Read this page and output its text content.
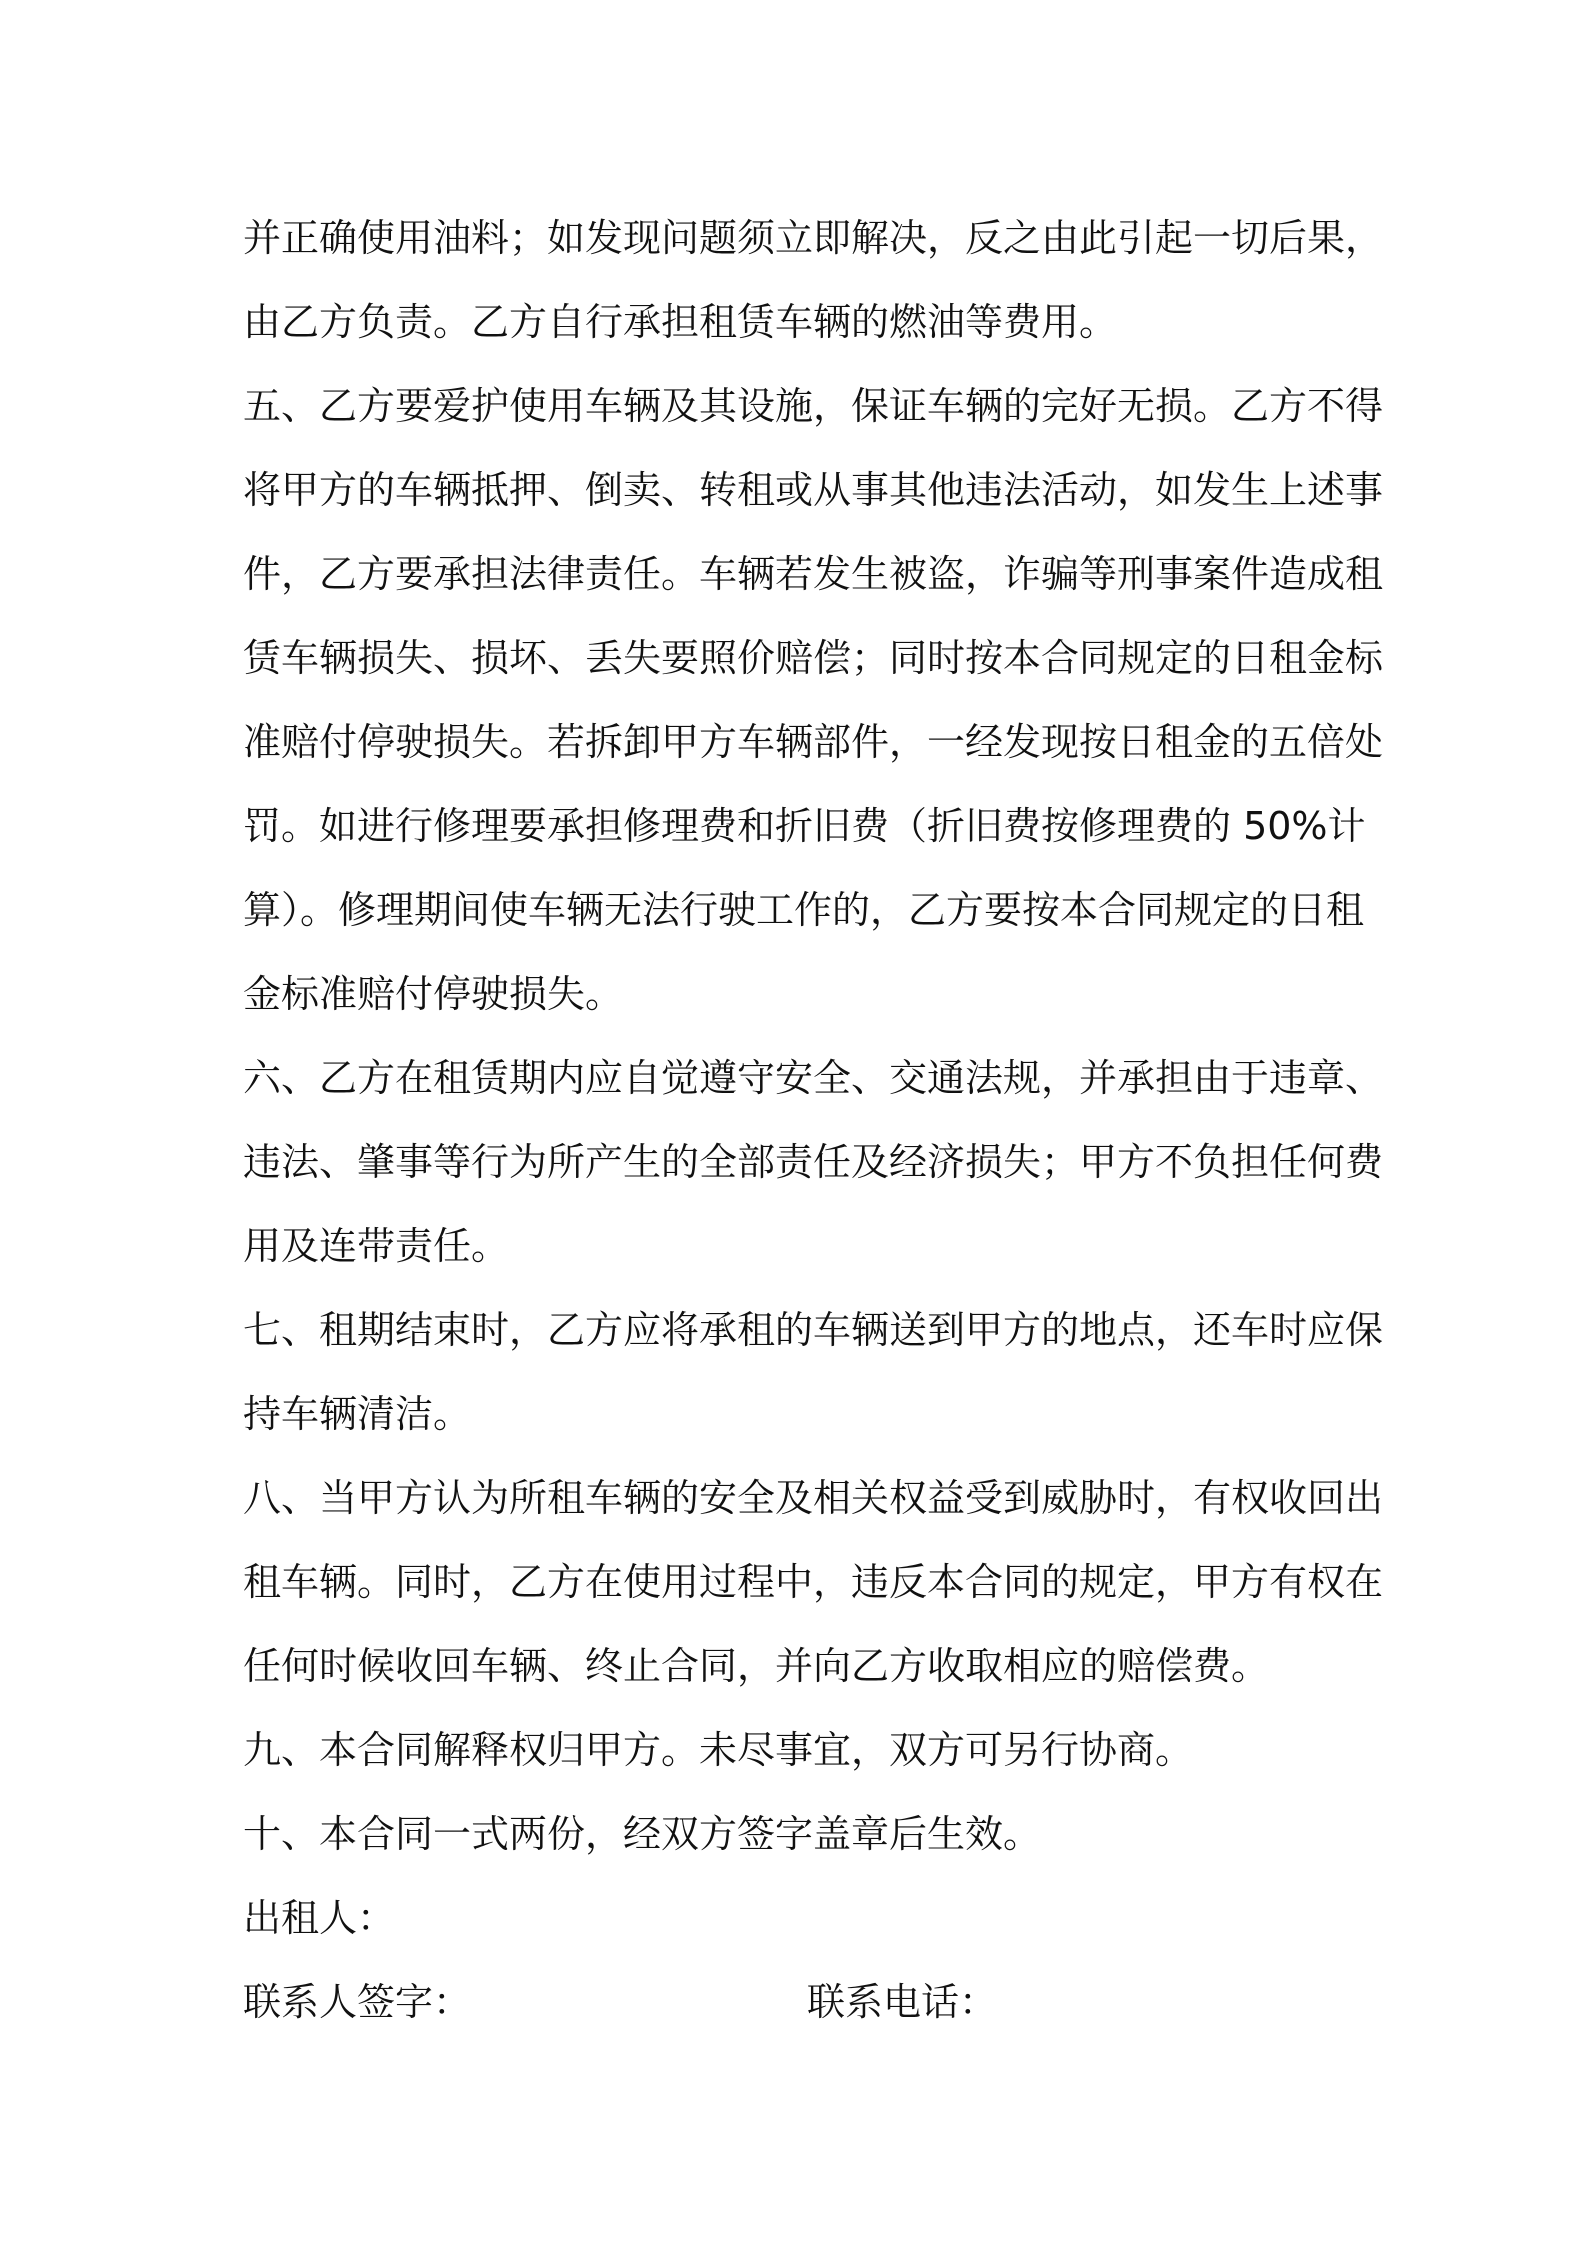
并正确使用油料；如发现问题须立即解决，反之由此引起一切后果，
由乙方负责。乙方自行承担租赁车辆的燃油等费用。
五、乙方要爱护使用车辆及其设施，保证车辆的完好无损。乙方不得
将甲方的车辆抵押、倒卖、转租或从事其他违法活动，如发生上述事
件，乙方要承担法律责任。车辆若发生被盗，诈骗等刑事案件造成租
赁车辆损失、损坏、丢失要照价赔偿；同时按本合同规定的日租金标
准赔付停驶损失。若拆卸甲方车辆部件，一经发现按日租金的五倍处
罚。如进行修理要承担修理费和折旧费（折旧费按修理费的 50%计
算）。修理期间使车辆无法行驶工作的，乙方要按本合同规定的日租
金标准赔付停驶损失。
六、乙方在租赁期内应自觉遵守安全、交通法规，并承担由于违章、
违法、肇事等行为所产生的全部责任及经济损失；甲方不负担任何费
用及连带责任。
七、租期结束时，乙方应将承租的车辆送到甲方的地点，还车时应保
持车辆清洁。
八、当甲方认为所租车辆的安全及相关权益受到威胁时，有权收回出
租车辆。同时，乙方在使用过程中，违反本合同的规定，甲方有权在
任何时候收回车辆、终止合同，并向乙方收取相应的赔偿费。
九、本合同解释权归甲方。未尽事宜，双方可另行协商。
十、本合同一式两份，经双方签字盖章后生效。
出租人：
联系人签字：	联系电话：
